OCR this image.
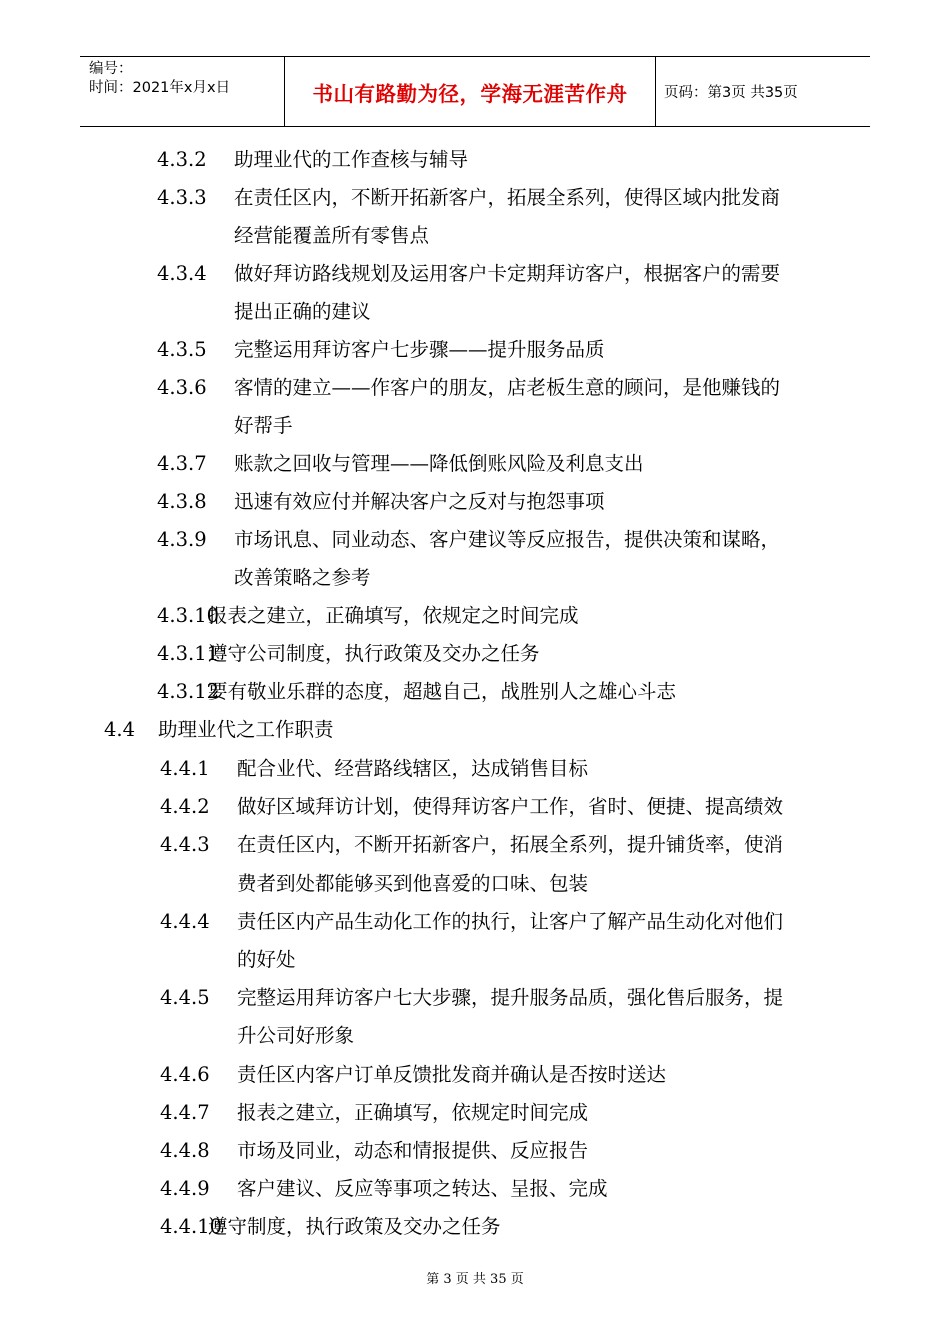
编号：
时间：2021年x月x日	书山有路勤为径，学海无涯苦作舟	页码：第3页 共35页
4.3.2 助理业代的工作查核与辅导
4.3.3 在责任区内，不断开拓新客户，拓展全系列，使得区域内批发商
经营能覆盖所有零售点
4.3.4 做好拜访路线规划及运用客户卡定期拜访客户，根据客户的需要
提出正确的建议
4.3.5 完整运用拜访客户七步骤——提升服务品质
4.3.6 客情的建立——作客户的朋友，店老板生意的顾问，是他赚钱的
好帮手
4.3.7 账款之回收与管理——降低倒账风险及利息支出
4.3.8 迅速有效应付并解决客户之反对与抱怨事项
4.3.9 市场讯息、同业动态、客户建议等反应报告，提供决策和谋略，
改善策略之参考
4.3.10
报表之建立，正确填写，依规定之时间完成
4.3.11
遵守公司制度，执行政策及交办之任务
4.3.12
要有敬业乐群的态度，超越自己，战胜别人之雄心斗志
4.4 助理业代之工作职责
4.4.1 配合业代、经营路线辖区，达成销售目标
4.4.2 做好区域拜访计划，使得拜访客户工作，省时、便捷、提高绩效
4.4.3 在责任区内，不断开拓新客户，拓展全系列，提升铺货率，使消
费者到处都能够买到他喜爱的口味、包装
4.4.4 责任区内产品生动化工作的执行，让客户了解产品生动化对他们
的好处
4.4.5 完整运用拜访客户七大步骤，提升服务品质，强化售后服务，提
升公司好形象
4.4.6 责任区内客户订单反馈批发商并确认是否按时送达
4.4.7 报表之建立，正确填写，依规定时间完成
4.4.8 市场及同业，动态和情报提供、反应报告
4.4.9 客户建议、反应等事项之转达、呈报、完成
4.4.10
遵守制度，执行政策及交办之任务
第 3 页 共 35 页
